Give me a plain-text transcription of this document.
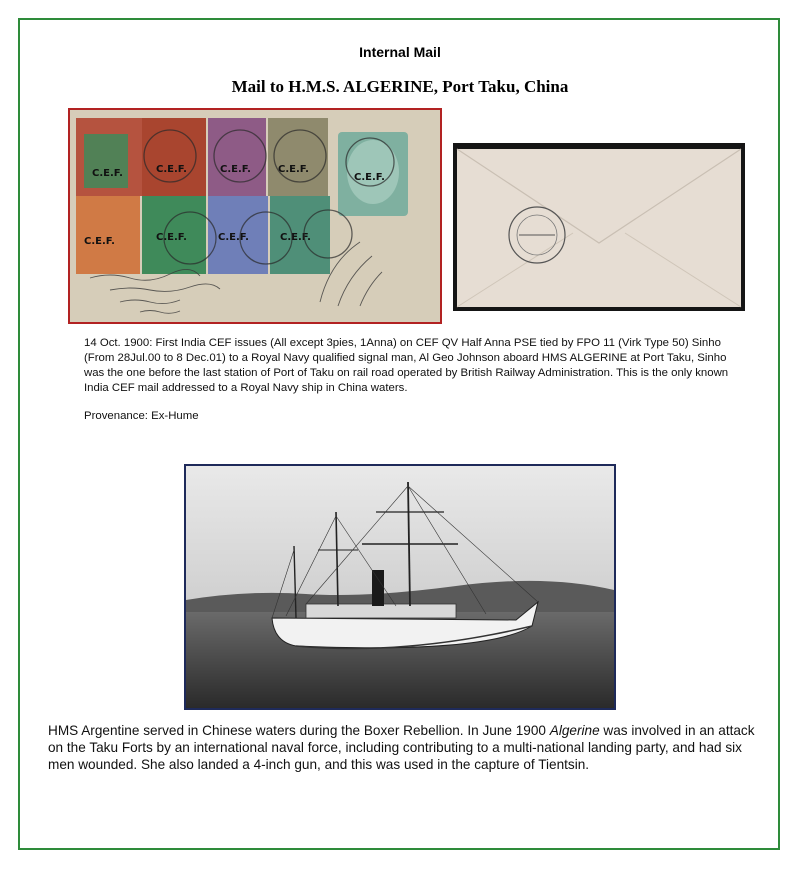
Internal Mail
Mail to H.M.S. ALGERINE, Port Taku, China
C.E.F.	C.E.F.	C.E.F.	C.E.F.
C.E.F.
C.E.F.	C.E.F.	C.E.F.	C.E.F.
14 Oct. 1900: First India CEF issues (All except 3pies, 1Anna) on CEF QV Half Anna PSE tied by FPO 11 (Virk Type 50) Sinho (From 28Jul.00 to 8 Dec.01) to a Royal Navy qualified signal man, Al Geo Johnson aboard HMS ALGERINE at Port Taku, Sinho was the one before the last station of Port of Taku on rail road operated by British Railway Administration. This is the only known India CEF mail addressed to a Royal Navy ship in China waters.
Provenance: Ex-Hume
HMS Argentine served in Chinese waters during the Boxer Rebellion. In June 1900 Algerine was involved in an attack on the Taku Forts by an international naval force, including contributing to a multi-national landing party, and had six men wounded. She also landed a 4-inch gun, and this was used in the capture of Tientsin.
